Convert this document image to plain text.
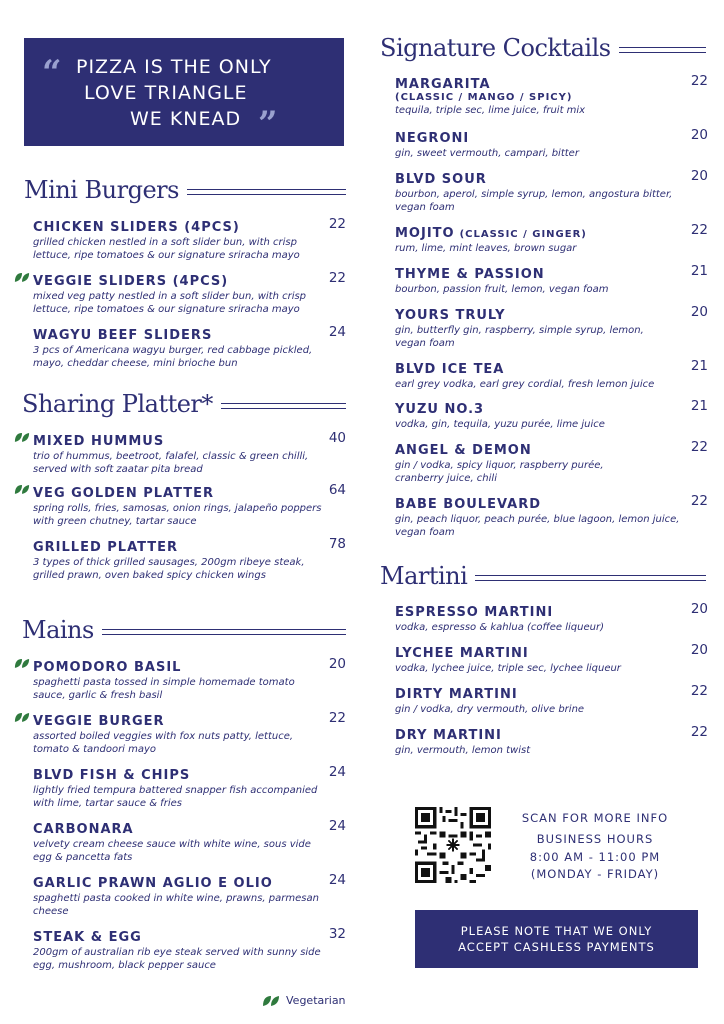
“ PIZZA IS THE ONLY
LOVE TRIANGLE
WE KNEAD ”
Mini Burgers
Sharing Platter*
Mains
Signature Cocktails
Martini
CHICKEN SLIDERS (4PCS)	22
grilled chicken nestled in a soft slider bun, with crisp
lettuce, ripe tomatoes & our signature sriracha mayo
VEGGIE SLIDERS (4PCS)	22
mixed veg patty nestled in a soft slider bun, with crisp
lettuce, ripe tomatoes & our signature sriracha mayo
WAGYU BEEF SLIDERS	24
3 pcs of Americana wagyu burger, red cabbage pickled,
mayo, cheddar cheese, mini brioche bun
MIXED HUMMUS	40
trio of hummus, beetroot, falafel, classic & green chilli,
served with soft zaatar pita bread
VEG GOLDEN PLATTER	64
spring rolls, fries, samosas, onion rings, jalapeño poppers
with green chutney, tartar sauce
GRILLED PLATTER	78
3 types of thick grilled sausages, 200gm ribeye steak,
grilled prawn, oven baked spicy chicken wings
POMODORO BASIL	20
spaghetti pasta tossed in simple homemade tomato
sauce, garlic & fresh basil
VEGGIE BURGER	22
assorted boiled veggies with fox nuts patty, lettuce,
tomato & tandoori mayo
BLVD FISH & CHIPS	24
lightly fried tempura battered snapper fish accompanied
with lime, tartar sauce & fries
CARBONARA	24
velvety cream cheese sauce with white wine, sous vide
egg & pancetta fats
GARLIC PRAWN AGLIO E OLIO	24
spaghetti pasta cooked in white wine, prawns, parmesan
cheese
STEAK & EGG	32
200gm of australian rib eye steak served with sunny side
egg, mushroom, black pepper sauce
MARGARITA
(CLASSIC / MANGO / SPICY)
22
tequila, triple sec, lime juice, fruit mix
NEGRONI	20
gin, sweet vermouth, campari, bitter
BLVD SOUR	20
bourbon, aperol, simple syrup, lemon, angostura bitter,
vegan foam
MOJITO (CLASSIC / GINGER)	22
rum, lime, mint leaves, brown sugar
THYME & PASSION	21
bourbon, passion fruit, lemon, vegan foam
YOURS TRULY	20
gin, butterfly gin, raspberry, simple syrup, lemon,
vegan foam
BLVD ICE TEA	21
earl grey vodka, earl grey cordial, fresh lemon juice
YUZU NO.3	21
vodka, gin, tequila, yuzu purée, lime juice
ANGEL & DEMON	22
gin / vodka, spicy liquor, raspberry purée,
cranberry juice, chili
BABE BOULEVARD	22
gin, peach liquor, peach purée, blue lagoon, lemon juice,
vegan foam
ESPRESSO MARTINI	20
vodka, espresso & kahlua (coffee liqueur)
LYCHEE MARTINI	20
vodka, lychee juice, triple sec, lychee liqueur
DIRTY MARTINI	22
gin / vodka, dry vermouth, olive brine
DRY MARTINI	22
gin, vermouth, lemon twist
SCAN FOR MORE INFO
BUSINESS HOURS
8:00 AM - 11:00 PM
(MONDAY - FRIDAY)
PLEASE NOTE THAT WE ONLY
ACCEPT CASHLESS PAYMENTS
Vegetarian
